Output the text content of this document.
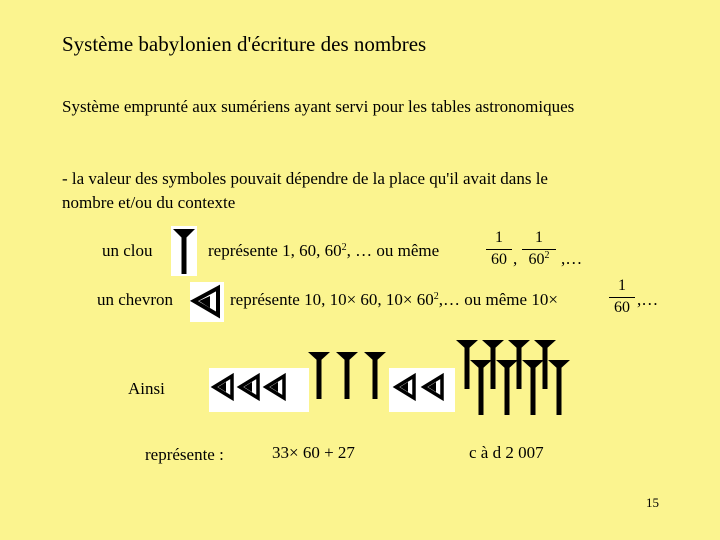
Système babylonien d'écriture des nombres
Système emprunté aux sumériens ayant servi pour les tables astronomiques
- la valeur des symboles pouvait dépendre de la place qu'il avait dans le
nombre et/ou du contexte
un clou	représente 1, 60, $60^2$, … ou même
1
60 ,
1
$60^2$ ,…
un chevron	représente 10, 10× 60, $10\times 60^2,\dots$ ou même 10×
1
60 ,…
Ainsi
représente :	33× 60 + 27	c à d 2 007
15
